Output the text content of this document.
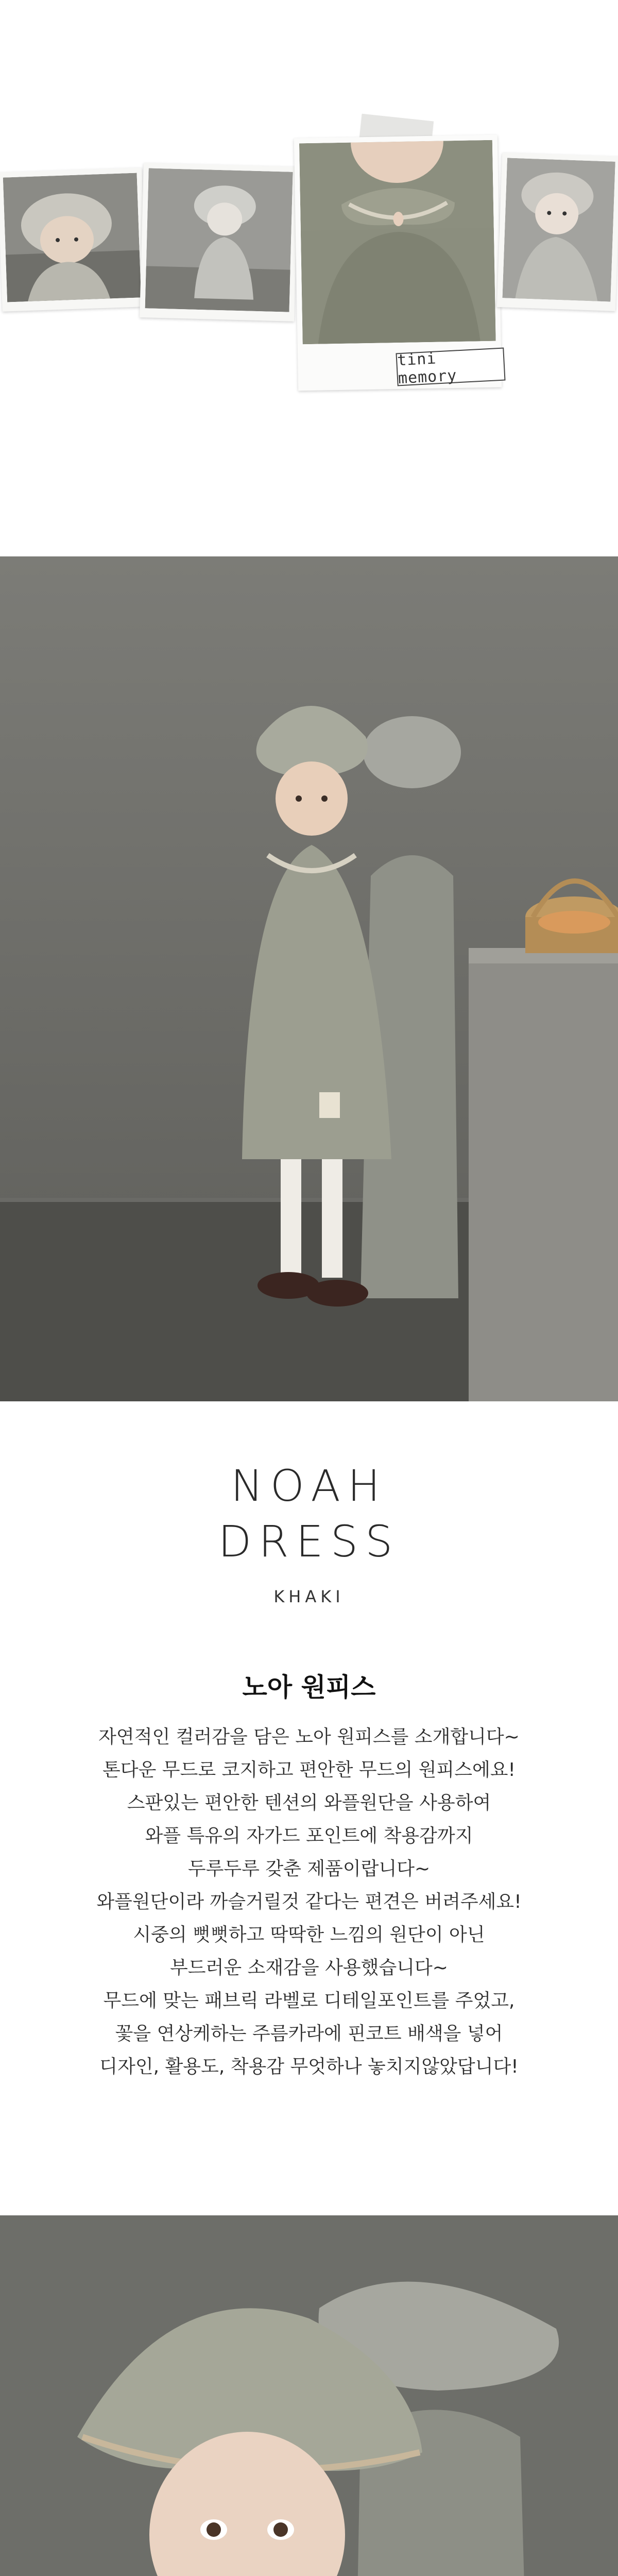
tini memory
NOAH
DRESS
KHAKI
노아 원피스
자연적인 컬러감을 담은 노아 원피스를 소개합니다~
톤다운 무드로 코지하고 편안한 무드의 원피스에요!
스판있는 편안한 텐션의 와플원단을 사용하여
와플 특유의 자가드 포인트에 착용감까지
두루두루 갖춘 제품이랍니다~
와플원단이라 까슬거릴것 같다는 편견은 버려주세요!
시중의 뻣뻣하고 딱딱한 느낌의 원단이 아닌
부드러운 소재감을 사용했습니다~
무드에 맞는 패브릭 라벨로 디테일포인트를 주었고,
꽃을 연상케하는 주름카라에 핀코트 배색을 넣어
디자인, 활용도, 착용감 무엇하나 놓치지않았답니다!
